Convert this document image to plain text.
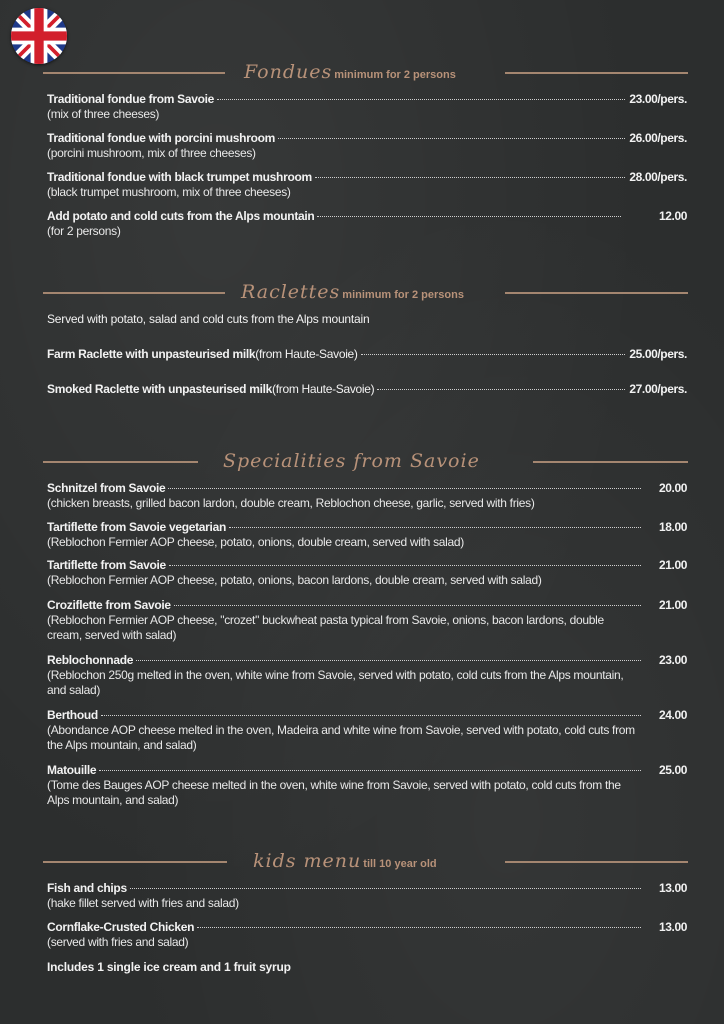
Fondues minimum for 2 persons
Traditional fondue from Savoie	23.00/pers.
(mix of three cheeses)
Traditional fondue with porcini mushroom	26.00/pers.
(porcini mushroom, mix of three cheeses)
Traditional fondue with black trumpet mushroom	28.00/pers.
(black trumpet mushroom, mix of three cheeses)
Add potato and cold cuts from the Alps mountain	12.00
(for 2 persons)
Raclettes minimum for 2 persons
Served with potato, salad and cold cuts from the Alps mountain
Farm Raclette with unpasteurised milk (from Haute-Savoie)	25.00/pers.
Smoked Raclette with unpasteurised milk (from Haute-Savoie)	27.00/pers.
Specialities from Savoie
Schnitzel from Savoie	20.00
(chicken breasts, grilled bacon lardon, double cream, Reblochon cheese, garlic, served with fries)
Tartiflette from Savoie vegetarian	18.00
(Reblochon Fermier AOP cheese, potato, onions, double cream, served with salad)
Tartiflette from Savoie	21.00
(Reblochon Fermier AOP cheese, potato, onions, bacon lardons, double cream, served with salad)
Croziflette from Savoie	21.00
(Reblochon Fermier AOP cheese, "crozet" buckwheat pasta typical from Savoie, onions, bacon lardons, double cream, served with salad)
Reblochonnade	23.00
(Reblochon 250g melted in the oven, white wine from Savoie, served with potato, cold cuts from the Alps mountain, and salad)
Berthoud	24.00
(Abondance AOP cheese melted in the oven, Madeira and white wine from Savoie, served with potato, cold cuts from the Alps mountain, and salad)
Matouille	25.00
(Tome des Bauges AOP cheese melted in the oven, white wine from Savoie, served with potato, cold cuts from the Alps mountain, and salad)
kids menu till 10 year old
Fish and chips	13.00
(hake fillet served with fries and salad)
Cornflake-Crusted Chicken	13.00
(served with fries and salad)
Includes 1 single ice cream and 1 fruit syrup
